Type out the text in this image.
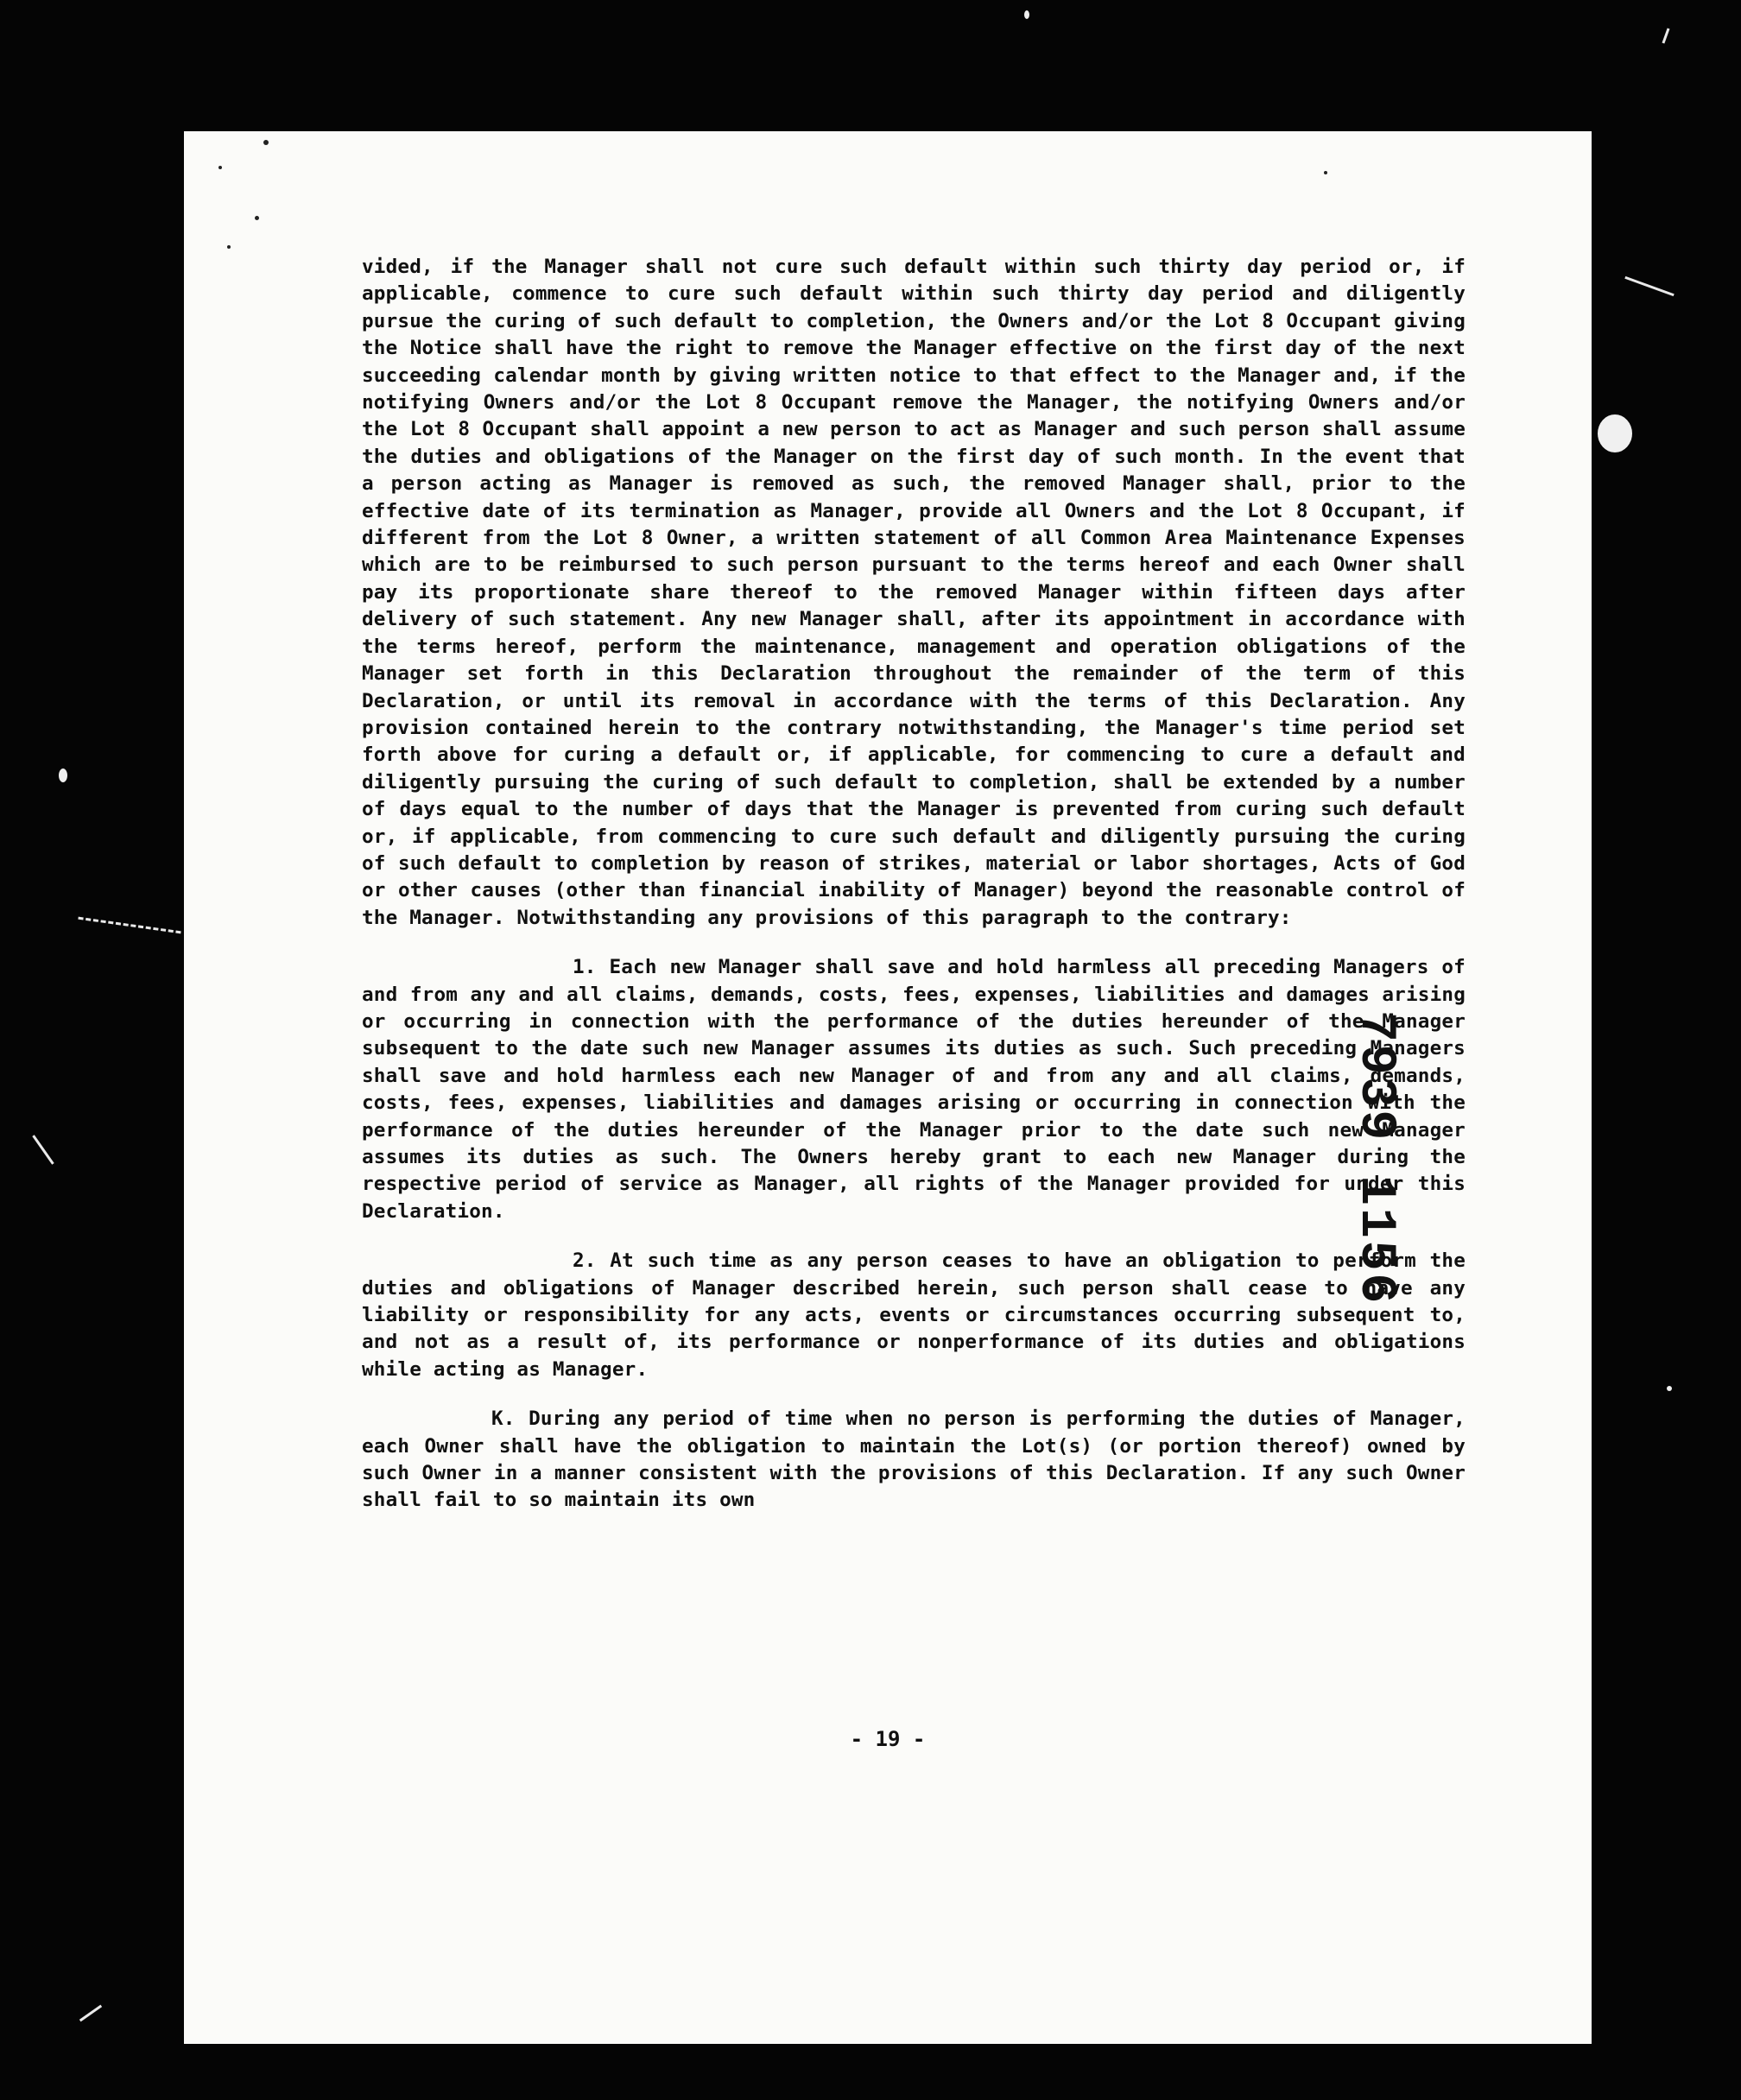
vided, if the Manager shall not cure such default within such thirty day period or, if applicable, commence to cure such default within such thirty day period and diligently pursue the curing of such default to completion, the Owners and/or the Lot 8 Occupant giving the Notice shall have the right to remove the Manager effective on the first day of the next succeeding calendar month by giving written notice to that effect to the Manager and, if the notifying Owners and/or the Lot 8 Occupant remove the Manager, the notifying Owners and/or the Lot 8 Occupant shall appoint a new person to act as Manager and such person shall assume the duties and obligations of the Manager on the first day of such month. In the event that a person acting as Manager is removed as such, the removed Manager shall, prior to the effective date of its termination as Manager, provide all Owners and the Lot 8 Occupant, if different from the Lot 8 Owner, a written statement of all Common Area Maintenance Expenses which are to be reimbursed to such person pursuant to the terms hereof and each Owner shall pay its proportionate share thereof to the removed Manager within fifteen days after delivery of such statement. Any new Manager shall, after its appointment in accordance with the terms hereof, perform the maintenance, management and operation obligations of the Manager set forth in this Declaration throughout the remainder of the term of this Declaration, or until its removal in accordance with the terms of this Declaration. Any provision contained herein to the contrary notwithstanding, the Manager's time period set forth above for curing a default or, if applicable, for commencing to cure a default and diligently pursuing the curing of such default to completion, shall be extended by a number of days equal to the number of days that the Manager is prevented from curing such default or, if applicable, from commencing to cure such default and diligently pursuing the curing of such default to completion by reason of strikes, material or labor shortages, Acts of God or other causes (other than financial inability of Manager) beyond the reasonable control of the Manager. Notwithstanding any provisions of this paragraph to the contrary:

1. Each new Manager shall save and hold harmless all preceding Managers of and from any and all claims, demands, costs, fees, expenses, liabilities and damages arising or occurring in connection with the performance of the duties hereunder of the Manager subsequent to the date such new Manager assumes its duties as such. Such preceding Managers shall save and hold harmless each new Manager of and from any and all claims, demands, costs, fees, expenses, liabilities and damages arising or occurring in connection with the performance of the duties hereunder of the Manager prior to the date such new Manager assumes its duties as such. The Owners hereby grant to each new Manager during the respective period of service as Manager, all rights of the Manager provided for under this Declaration.

2. At such time as any person ceases to have an obligation to perform the duties and obligations of Manager described herein, such person shall cease to have any liability or responsibility for any acts, events or circumstances occurring subsequent to, and not as a result of, its performance or nonperformance of its duties and obligations while acting as Manager.

K. During any period of time when no person is performing the duties of Manager, each Owner shall have the obligation to maintain the Lot(s) (or portion thereof) owned by such Owner in a manner consistent with the provisions of this Declaration. If any such Owner shall fail to so maintain its own

- 19 -
7939 1156
